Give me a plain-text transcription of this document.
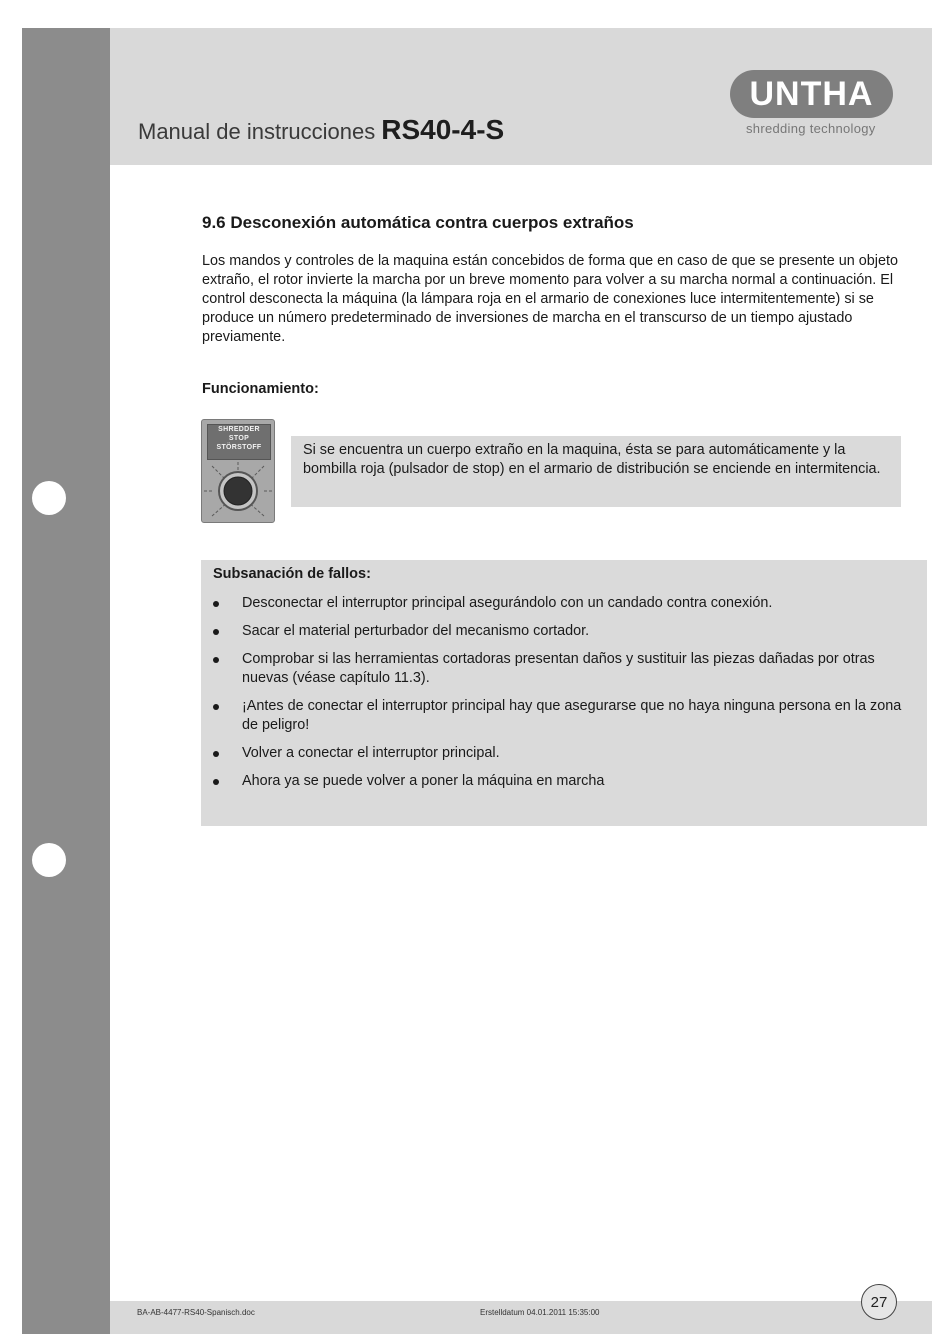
Manual de instrucciones RS40-4-S
UNTHA
shredding technology
9.6 Desconexión automática contra cuerpos extraños
Los mandos y controles de la maquina están concebidos de forma que en caso de que se presente un objeto extraño, el rotor invierte la marcha por un breve momento para volver a su marcha normal a continuación. El control desconecta la máquina (la lámpara roja en el armario de conexiones luce intermitentemente) si se produce un número predeterminado de inversiones de marcha en el transcurso de un tiempo ajustado previamente.
Funcionamiento:
SHREDDER
STOP
STÖRSTOFF	Si se encuentra un cuerpo extraño en la maquina, ésta se para automáticamente y la bombilla roja (pulsador de stop) en el armario de distribución se enciende en intermitencia.
Subsanación de fallos:
Desconectar el interruptor principal asegurándolo con un candado contra conexión.
Sacar el material perturbador del mecanismo cortador.
Comprobar si las herramientas cortadoras presentan daños y sustituir las piezas dañadas por otras nuevas (véase capítulo 11.3).
¡Antes de conectar el interruptor principal hay que asegurarse que no haya ninguna persona en la zona de peligro!
Volver a conectar el interruptor principal.
Ahora ya se puede volver a poner la máquina en marcha
BA-AB-4477-RS40-Spanisch.doc	Erstelldatum 04.01.2011 15:35:00
27
